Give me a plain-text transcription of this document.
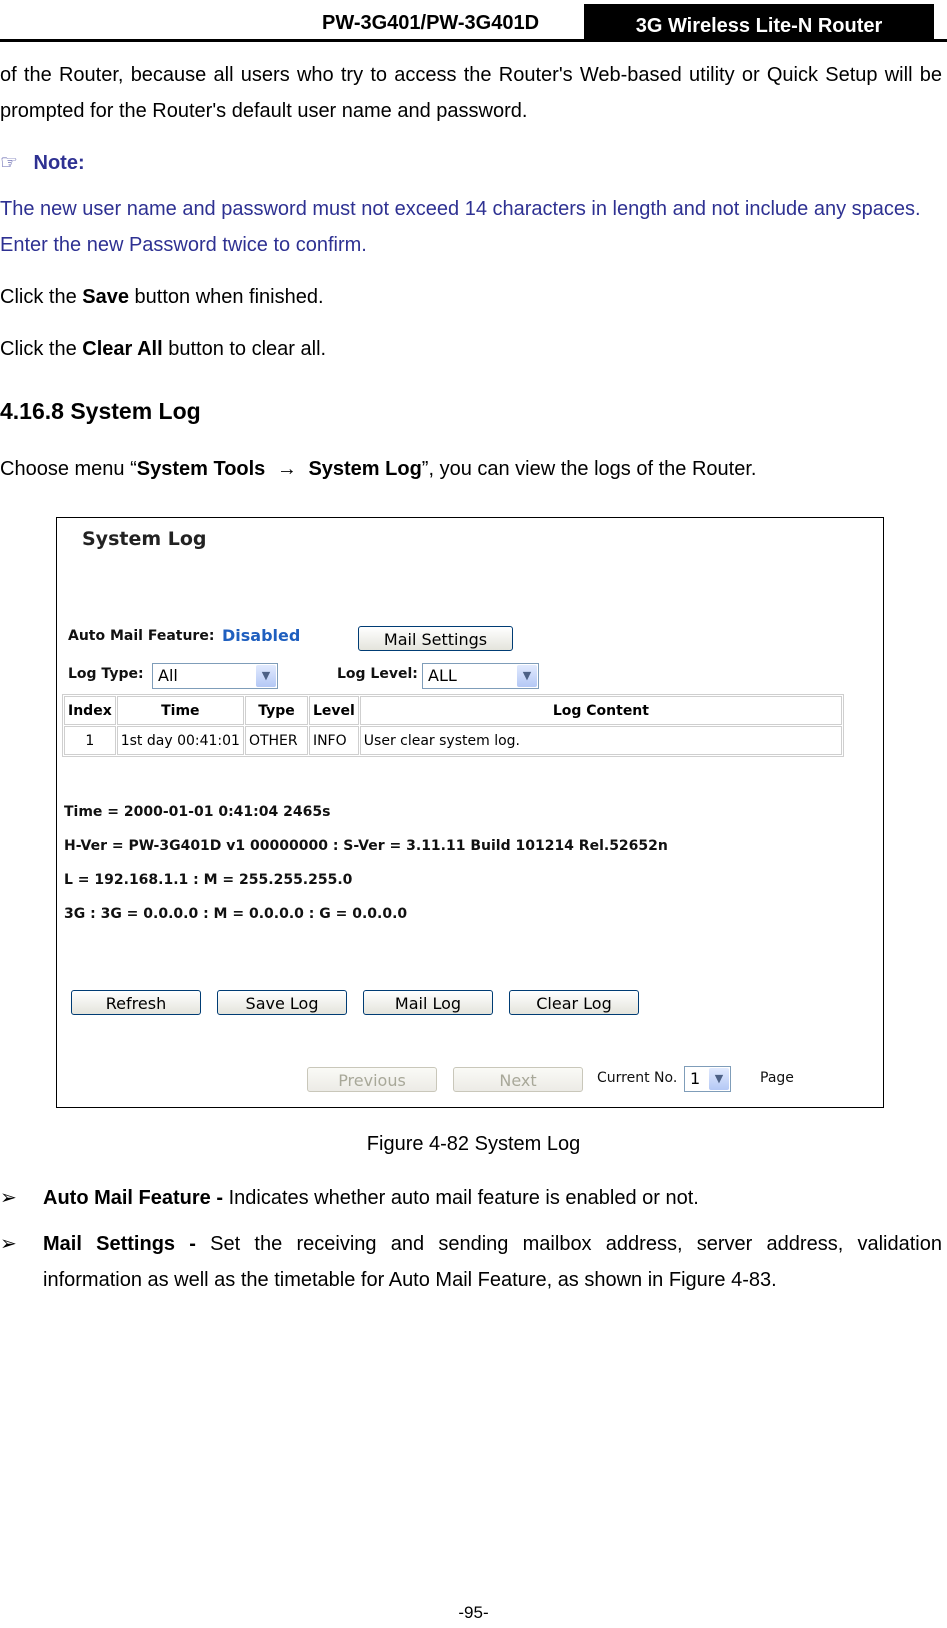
PW-3G401/PW-3G401D	3G Wireless Lite-N Router

of the Router, because all users who try to access the Router's Web-based utility or Quick Setup will be prompted for the Router's default user name and password.

☞ Note:

The new user name and password must not exceed 14 characters in length and not include any spaces. Enter the new Password twice to confirm.

Click the Save button when finished.

Click the Clear All button to clear all.

4.16.8 System Log

Choose menu “System Tools → System Log”, you can view the logs of the Router.

System Log
Auto Mail Feature: Disabled	Mail Settings
Log Type: All	▼	Log Level: ALL	▼
Index	Time	Type	Level	Log Content
1	1st day 00:41:01	OTHER	INFO	User clear system log.
Time = 2000-01-01 0:41:04 2465s
H-Ver = PW-3G401D v1 00000000 : S-Ver = 3.11.11 Build 101214 Rel.52652n
L = 192.168.1.1 : M = 255.255.255.0
3G : 3G = 0.0.0.0 : M = 0.0.0.0 : G = 0.0.0.0
Refresh	Save Log	Mail Log	Clear Log
Previous	Next	Current No. 1	▼	Page
Figure 4-82 System Log
➢ Auto Mail Feature - Indicates whether auto mail feature is enabled or not.
➢ Mail Settings - Set the receiving and sending mailbox address, server address, validation information as well as the timetable for Auto Mail Feature, as shown in Figure 4-83.
-95-
